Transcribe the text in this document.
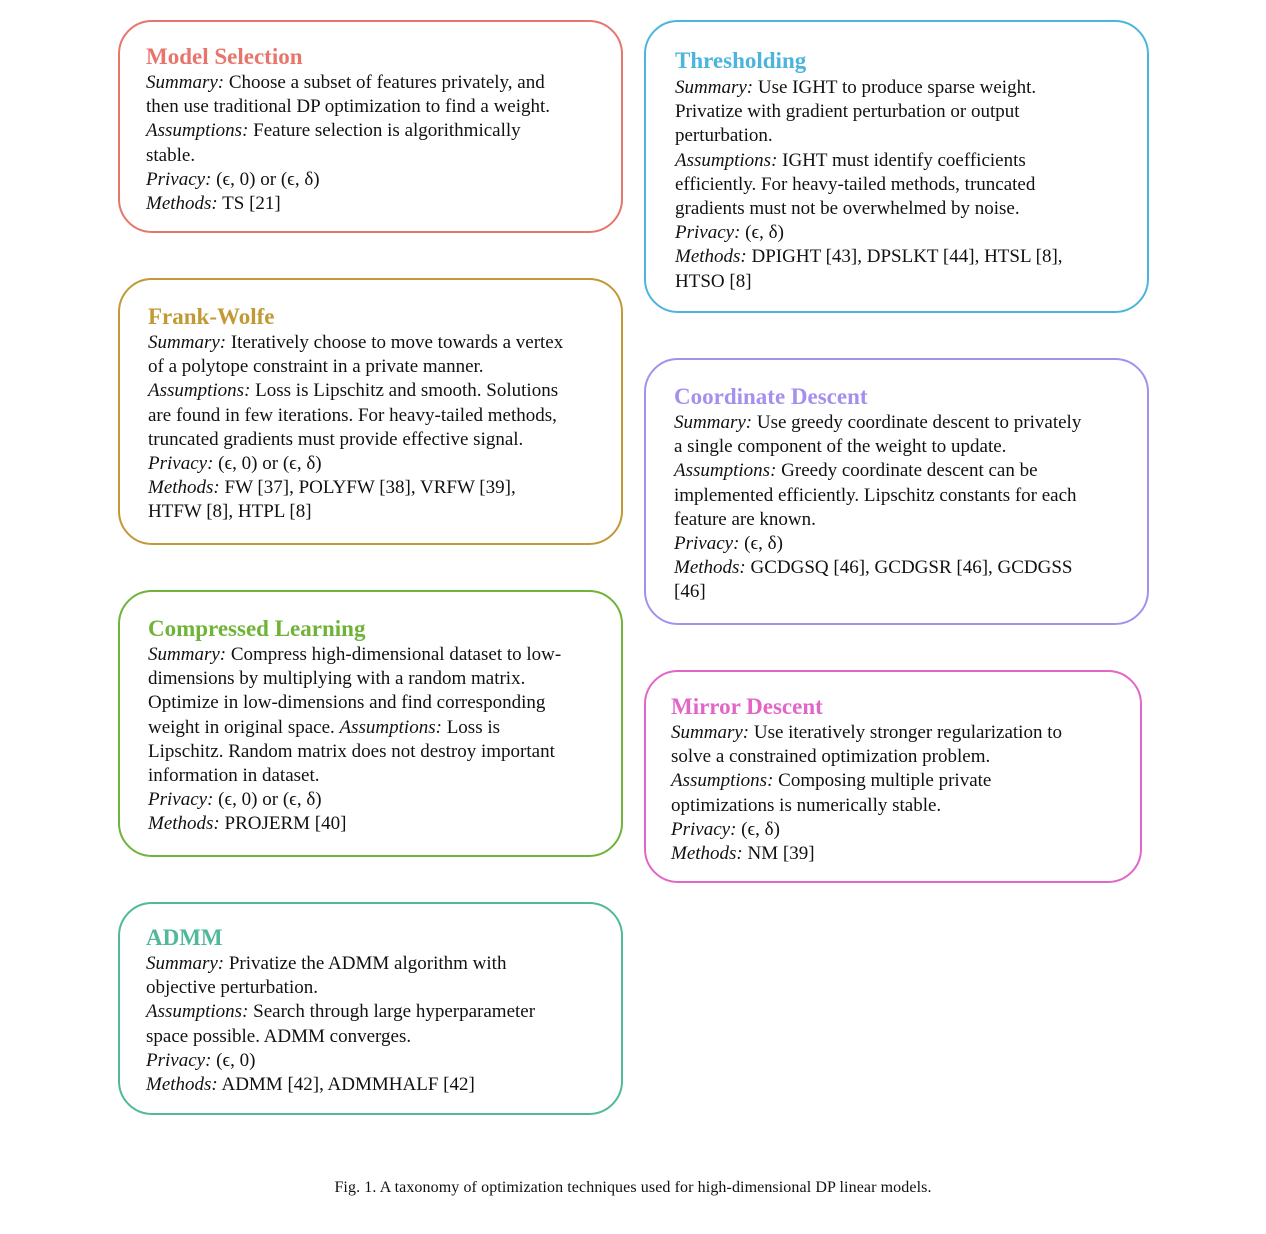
Model Selection
Summary: Choose a subset of features privately, and
then use traditional DP optimization to find a weight.
Assumptions: Feature selection is algorithmically
stable.
Privacy: (ϵ, 0) or (ϵ, δ)
Methods: TS [21]
Frank-Wolfe
Summary: Iteratively choose to move towards a vertex
of a polytope constraint in a private manner.
Assumptions: Loss is Lipschitz and smooth. Solutions
are found in few iterations. For heavy-tailed methods,
truncated gradients must provide effective signal.
Privacy: (ϵ, 0) or (ϵ, δ)
Methods: FW [37], POLYFW [38], VRFW [39],
HTFW [8], HTPL [8]
Compressed Learning
Summary: Compress high-dimensional dataset to low-
dimensions by multiplying with a random matrix.
Optimize in low-dimensions and find corresponding
weight in original space. Assumptions: Loss is
Lipschitz. Random matrix does not destroy important
information in dataset.
Privacy: (ϵ, 0) or (ϵ, δ)
Methods: PROJERM [40]
ADMM
Summary: Privatize the ADMM algorithm with
objective perturbation.
Assumptions: Search through large hyperparameter
space possible. ADMM converges.
Privacy: (ϵ, 0)
Methods: ADMM [42], ADMMHALF [42]
Thresholding
Summary: Use IGHT to produce sparse weight.
Privatize with gradient perturbation or output
perturbation.
Assumptions: IGHT must identify coefficients
efficiently. For heavy-tailed methods, truncated
gradients must not be overwhelmed by noise.
Privacy: (ϵ, δ)
Methods: DPIGHT [43], DPSLKT [44], HTSL [8],
HTSO [8]
Coordinate Descent
Summary: Use greedy coordinate descent to privately
a single component of the weight to update.
Assumptions: Greedy coordinate descent can be
implemented efficiently. Lipschitz constants for each
feature are known.
Privacy: (ϵ, δ)
Methods: GCDGSQ [46], GCDGSR [46], GCDGSS
[46]
Mirror Descent
Summary: Use iteratively stronger regularization to
solve a constrained optimization problem.
Assumptions: Composing multiple private
optimizations is numerically stable.
Privacy: (ϵ, δ)
Methods: NM [39]
Fig. 1. A taxonomy of optimization techniques used for high-dimensional DP linear models.
